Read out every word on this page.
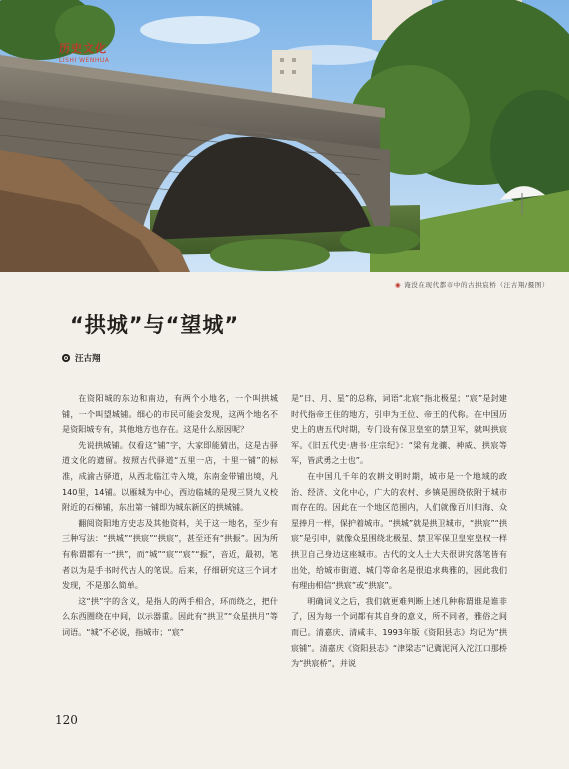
历史文化
LISHI WENHUA
◉ 淹没在现代都市中的古拱宸桥（汪古翔/摄图）
“拱城”与“望城”
汪古翔

在资阳城的东边和南边，有两个小地名，一个叫拱城铺，一个叫望城铺。细心的市民可能会发现，这两个地名不是资阳城专有，其他地方也存在。这是什么原因呢？

先说拱城铺。仅看这“铺”字，大家即能猜出，这是古驿道文化的遗留。按照古代驿道“五里一店，十里一铺”的标准，成渝古驿道，从西北临江寺入境，东南金带铺出境，凡140里，14铺。以雁城为中心，西边临城的是现三贤九义校附近的石梯铺，东出第一铺即为城东新区的拱城铺。

翻阅资阳地方史志及其他资料，关于这一地名，至少有三种写法：“拱城”“拱宸”“拱宸”，甚至还有“拱振”。因为所有称谓都有一“拱”，而“城”“宸”“宸”“振”，音近，最初，笔者以为是手书时代古人的笔误。后来，仔细研究这三个词才发现，不是那么简单。

这“拱”字的含义，是指人的两手相合，环而绕之，把什么东西圈绕在中间，以示器重。因此有“拱卫”“众星拱月”等词语。“城”不必说，指城市；“宸”

是“日、月、星”的总称，词语“北宸”指北极星；“宸”是封建时代指帝王住的地方，引申为王位、帝王的代称。在中国历史上的唐五代时期，专门设有保卫皇室的禁卫军，就叫拱宸军。《旧五代史·唐书·庄宗纪》：“梁有龙骧、神威、拱宸等军，皆武勇之士也”。

在中国几千年的农耕文明时期，城市是一个地域的政治、经济、文化中心，广大的农村、乡镇是围绕依附于城市而存在的。因此在一个地区范围内，人们就像百川归海、众星捧月一样，保护着城市。“拱城”就是拱卫城市，“拱宸”“拱宸”是引申，就像众星围绕北极星、禁卫军保卫皇室皇权一样拱卫自己身边这座城市。古代的文人士大夫很讲究落笔皆有出处，给城市街道、城门等命名是很追求典雅的，因此我们有理由相信“拱宸”或“拱宸”。

明确词义之后，我们就更难判断上述几种称谓谁是谁非了，因为每一个词都有其自身的意义，所不同者，雅俗之间而已。清嘉庆、清咸丰、1993年版《资阳县志》均记为“拱宸铺”。清嘉庆《资阳县志》“津梁志”记冀泥河入沱江口那桥为“拱宸桥”，并说

120
